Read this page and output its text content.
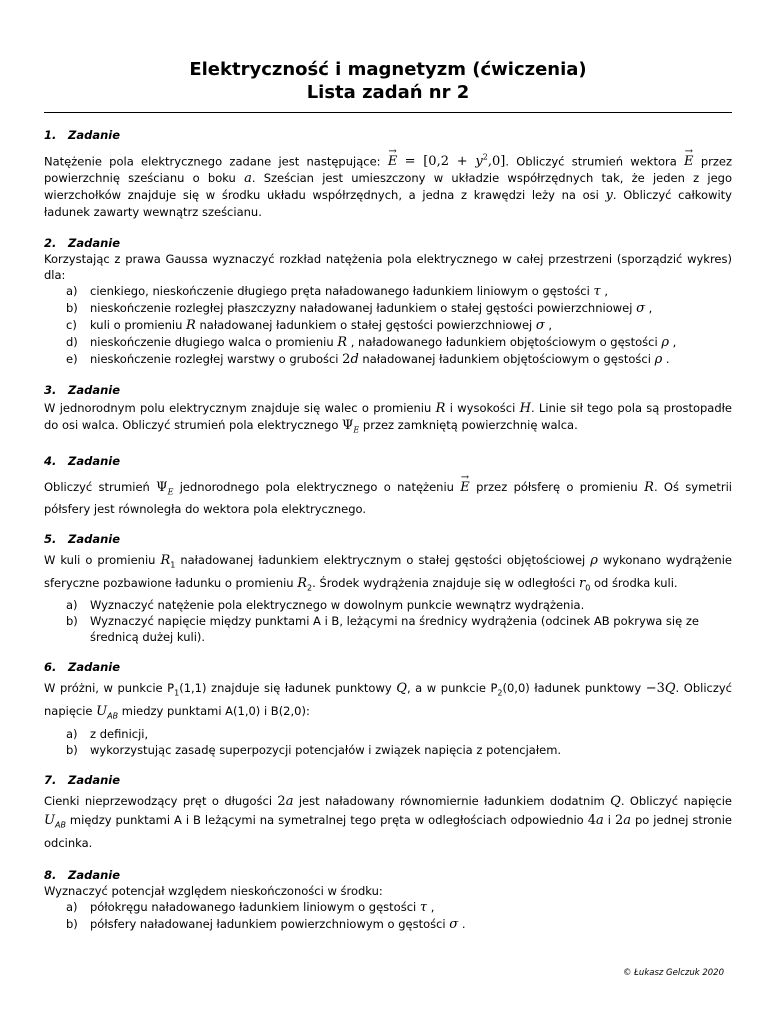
Elektryczność i magnetyzm (ćwiczenia)
Lista zadań nr 2
1. Zadanie
Natężenie pola elektrycznego zadane jest następujące: → $E = [0,2 + y^2,0]$. Obliczyć strumień wektora → E przez powierzchnię sześcianu o boku a. Sześcian jest umieszczony w układzie współrzędnych tak, że jeden z jego wierzchołków znajduje się w środku układu współrzędnych, a jedna z krawędzi leży na osi y. Obliczyć całkowity ładunek zawarty wewnątrz sześcianu.
2. Zadanie
Korzystając z prawa Gaussa wyznaczyć rozkład natężenia pola elektrycznego w całej przestrzeni (sporządzić wykres) dla:
a) cienkiego, nieskończenie długiego pręta naładowanego ładunkiem liniowym o gęstości τ ,
b) nieskończenie rozległej płaszczyzny naładowanej ładunkiem o stałej gęstości powierzchniowej σ ,
c) kuli o promieniu R naładowanej ładunkiem o stałej gęstości powierzchniowej σ ,
d) nieskończenie długiego walca o promieniu R , naładowanego ładunkiem objętościowym o gęstości ρ ,
e) nieskończenie rozległej warstwy o grubości 2d naładowanej ładunkiem objętościowym o gęstości ρ .
3. Zadanie
W jednorodnym polu elektrycznym znajduje się walec o promieniu R i wysokości H. Linie sił tego pola są prostopadłe do osi walca. Obliczyć strumień pola elektrycznego $\Psi_E$ przez zamkniętą powierzchnię walca.
4. Zadanie
Obliczyć strumień $\Psi_E$ jednorodnego pola elektrycznego o natężeniu → E przez półsferę o promieniu R. Oś symetrii półsfery jest równoległa do wektora pola elektrycznego.
5. Zadanie
W kuli o promieniu $R_1$ naładowanej ładunkiem elektrycznym o stałej gęstości objętościowej ρ wykonano wydrążenie sferyczne pozbawione ładunku o promieniu $R_2$. Środek wydrążenia znajduje się w odległości $r_0$ od środka kuli.
a) Wyznaczyć natężenie pola elektrycznego w dowolnym punkcie wewnątrz wydrążenia.
b) Wyznaczyć napięcie między punktami A i B, leżącymi na średnicy wydrążenia (odcinek AB pokrywa się ze średnicą dużej kuli).
6. Zadanie
W próżni, w punkcie $P_1(1,1)$ znajduje się ładunek punktowy Q, a w punkcie $P_2(0,0)$ ładunek punktowy −3Q. Obliczyć napięcie $U_{AB}$ miedzy punktami A(1,0) i B(2,0):
a) z definicji,
b) wykorzystując zasadę superpozycji potencjałów i związek napięcia z potencjałem.
7. Zadanie
Cienki nieprzewodzący pręt o długości 2a jest naładowany równomiernie ładunkiem dodatnim Q. Obliczyć napięcie $U_{AB}$ między punktami A i B leżącymi na symetralnej tego pręta w odległościach odpowiednio 4a i 2a po jednej stronie odcinka.
8. Zadanie
Wyznaczyć potencjał względem nieskończoności w środku:
a) półokręgu naładowanego ładunkiem liniowym o gęstości τ ,
b) półsfery naładowanej ładunkiem powierzchniowym o gęstości σ .
© Łukasz Gelczuk 2020
